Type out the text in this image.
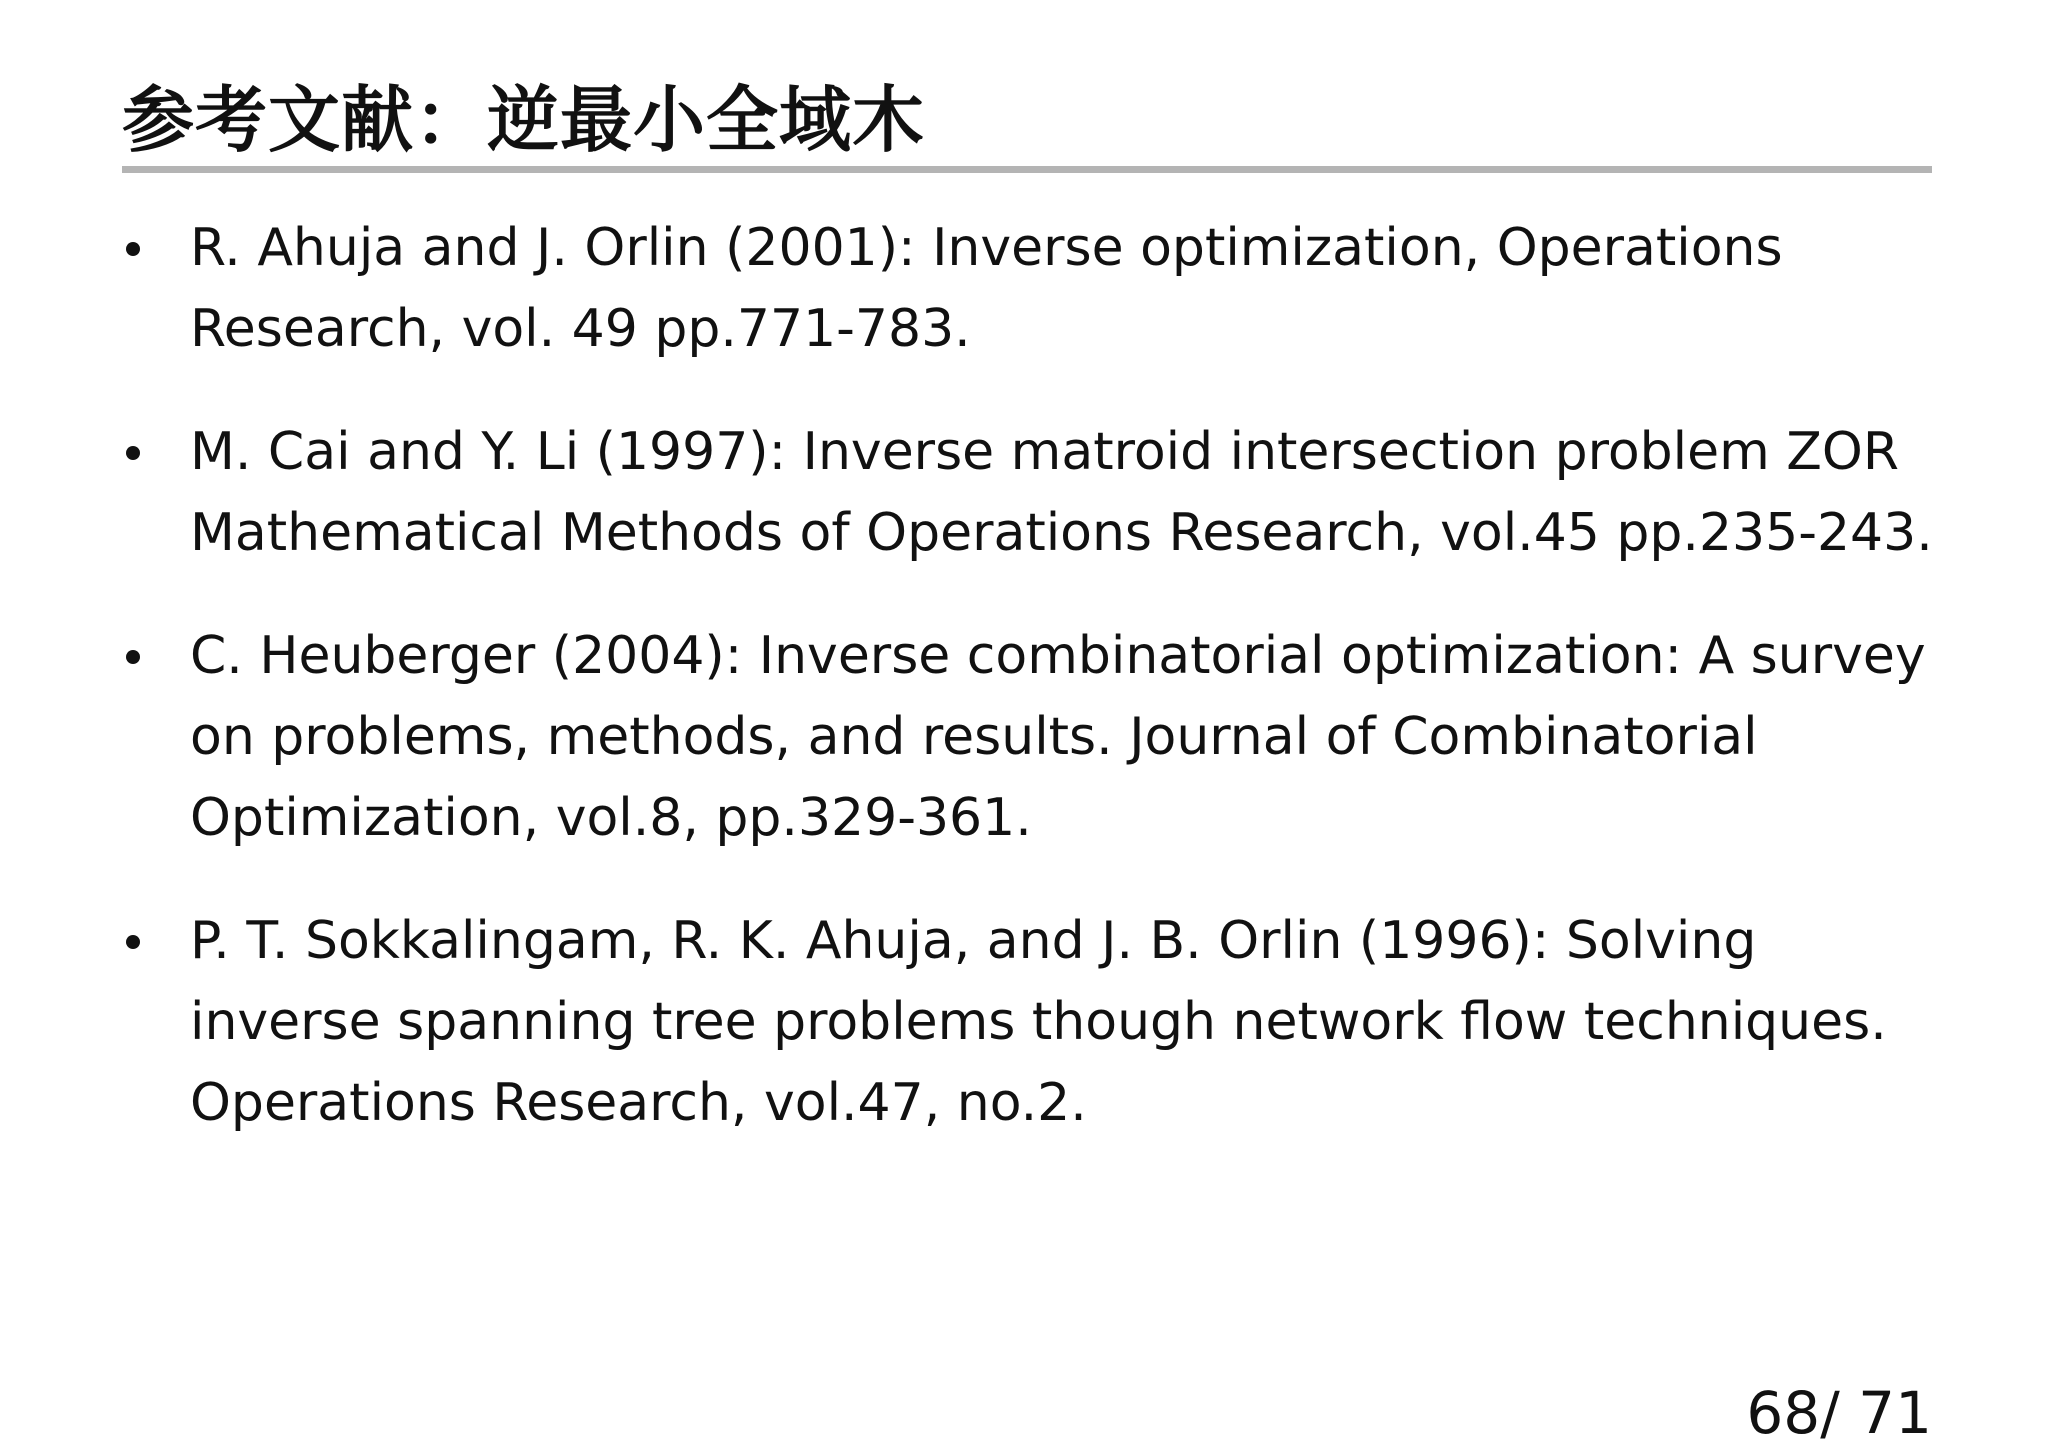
参考文献：逆最小全域木
R. Ahuja and J. Orlin (2001): Inverse optimization, Operations
Research, vol. 49 pp.771-783.
M. Cai and Y. Li (1997): Inverse matroid intersection problem ZOR
Mathematical Methods of Operations Research, vol.45 pp.235-243.
C. Heuberger (2004): Inverse combinatorial optimization: A survey
on problems, methods, and results. Journal of Combinatorial
Optimization, vol.8, pp.329-361.
P. T. Sokkalingam, R. K. Ahuja, and J. B. Orlin (1996): Solving
inverse spanning tree problems though network flow techniques.
Operations Research, vol.47, no.2.
68/ 71
